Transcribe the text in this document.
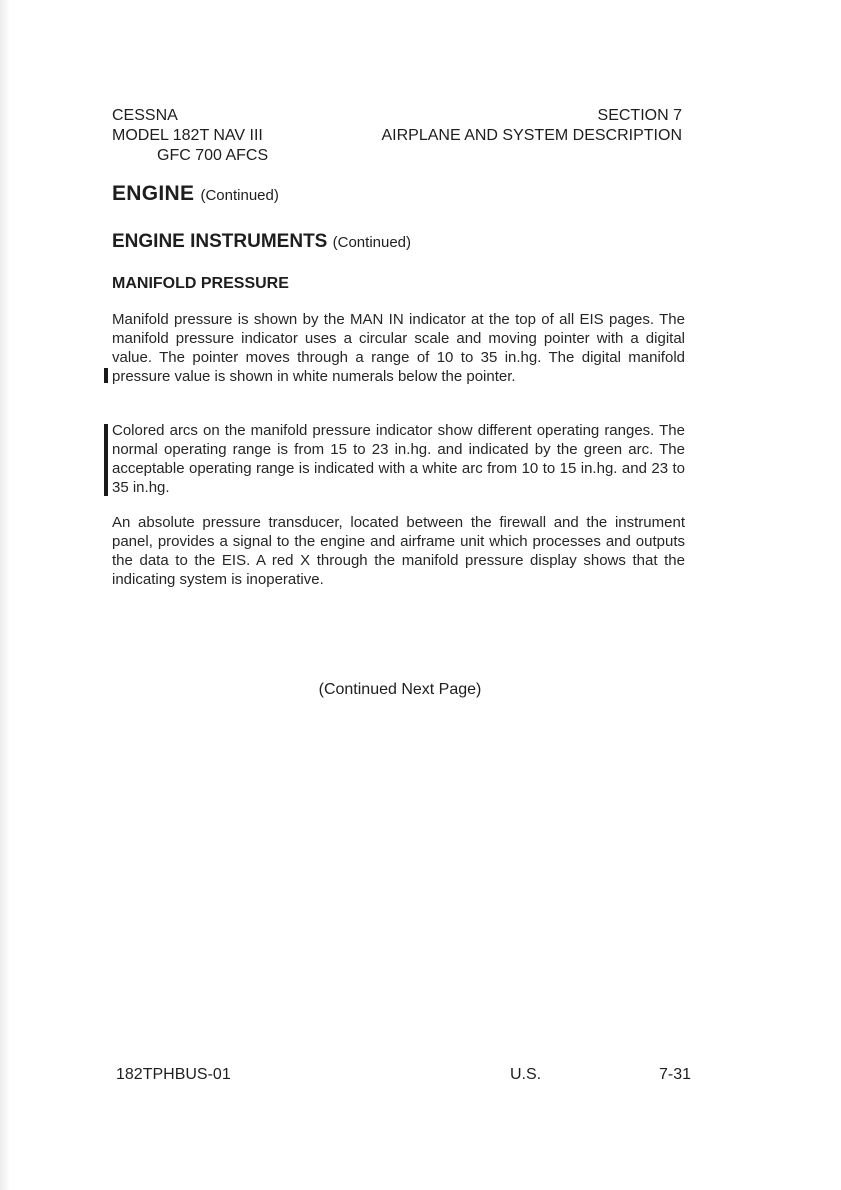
CESSNA
MODEL 182T NAV III
GFC 700 AFCS
SECTION 7
AIRPLANE AND SYSTEM DESCRIPTION
ENGINE (Continued)
ENGINE INSTRUMENTS (Continued)
MANIFOLD PRESSURE

Manifold pressure is shown by the MAN IN indicator at the top of all EIS pages. The manifold pressure indicator uses a circular scale and moving pointer with a digital value. The pointer moves through a range of 10 to 35 in.hg. The digital manifold pressure value is shown in white numerals below the pointer.

Colored arcs on the manifold pressure indicator show different operating ranges. The normal operating range is from 15 to 23 in.hg. and indicated by the green arc. The acceptable operating range is indicated with a white arc from 10 to 15 in.hg. and 23 to 35 in.hg.

An absolute pressure transducer, located between the firewall and the instrument panel, provides a signal to the engine and airframe unit which processes and outputs the data to the EIS. A red X through the manifold pressure display shows that the indicating system is inoperative.

(Continued Next Page)
182TPHBUS-01	U.S.	7-31
